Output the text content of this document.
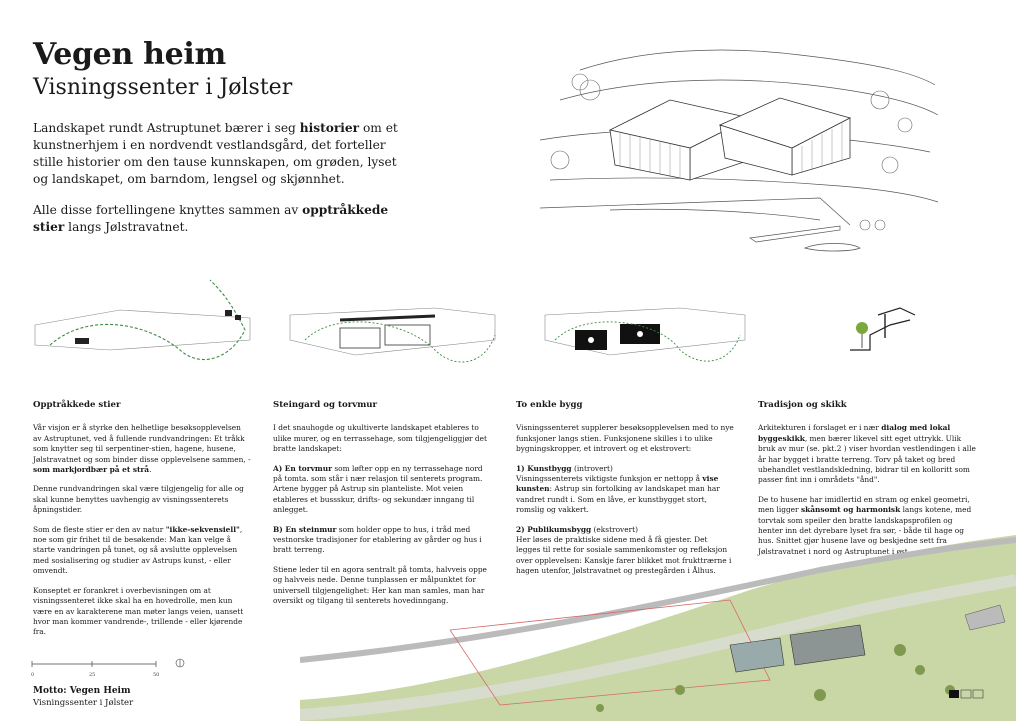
Vegen heim
Visningssenter i Jølster
Landskapet rundt Astruptunet bærer i seg historier om et kunstnerhjem i en nordvendt vestlandsgård, det forteller stille historier om den tause kunnskapen, om grøden, lyset og landskapet, om barndom, lengsel og skjønnhet.
Alle disse fortellingene knyttes sammen av opptråkkede stier langs Jølstravatnet.
Opptråkkede stier

Vår visjon er å styrke den helhetlige besøksopplevelsen av Astruptunet, ved å fullende rundvandringen: Et tråkk som knytter seg til serpentiner-stien, hagene, husene, Jølstravatnet og som binder disse opplevelsene sammen, - som markjordbær på et strå.

Denne rundvandringen skal være tilgjengelig for alle og skal kunne benyttes uavhengig av visningssenterets åpningstider.

Som de fleste stier er den av natur "ikke-sekvensiell", noe som gir frihet til de besøkende: Man kan velge å starte vandringen på tunet, og så avslutte opplevelsen med sosialisering og studier av Astrups kunst, - eller omvendt.

Konseptet er forankret i overbevisningen om at visningssenteret ikke skal ha en hovedrolle, men kun være en av karakterene man møter langs veien, uansett hvor man kommer vandrende-, trillende - eller kjørende fra.

Steingard og torvmur

I det snauhogde og ukultiverte landskapet etableres to ulike murer, og en terrassehage, som tilgjengeliggjør det bratte landskapet:

A) En torvmur som løfter opp en ny terrassehage nord på tomta. som står i nær relasjon til senterets program. Artene bygger på Astrup sin planteliste. Mot veien etableres et bussskur, drifts- og sekundær inngang til anlegget.

B) En steinmur som holder oppe to hus, i tråd med vestnorske tradisjoner for etablering av gårder og hus i bratt terreng.

Stiene leder til en agora sentralt på tomta, halvveis oppe og halvveis nede. Denne tunplassen er målpunktet for universell tilgjengelighet: Her kan man samles, man har oversikt og tilgang til senterets hovedinngang.

To enkle bygg

Visningssenteret supplerer besøksopplevelsen med to nye funksjoner langs stien. Funksjonene skilles i to ulike bygningskropper, et introvert og et ekstrovert:

1) Kunstbygg (introvert)
Visningssenterets viktigste funksjon er nettopp å vise kunsten: Astrup sin fortolking av landskapet man har vandret rundt i. Som en låve, er kunstbygget stort, romslig og vakkert.

2) Publikumsbygg (ekstrovert)
Her løses de praktiske sidene med å få gjester. Det legges til rette for sosiale sammenkomster og refleksjon over opplevelsen: Kanskje farer blikket mot frukttrærne i hagen utenfor, Jølstravatnet og prestegården i Ålhus.

Tradisjon og skikk

Arkitekturen i forslaget er i nær dialog med lokal byggeskikk, men bærer likevel sitt eget uttrykk. Ulik bruk av mur (se. pkt.2 ) viser hvordan vestlendingen i alle år har bygget i bratte terreng. Torv på taket og bred ubehandlet vestlandskledning, bidrar til en kolloritt som passer fint inn i områdets "ånd".

De to husene har imidlertid en stram og enkel geometri, men ligger skånsomt og harmonisk langs kotene, med torvtak som speiler den bratte landskapsprofilen og henter inn det dyrebare lyset fra sør, - både til hage og hus. Snittet gjør husene lave og beskjedne sett fra Jølstravatnet i nord og Astruptunet i øst.

0	25	50
Motto: Vegen Heim
Visningssenter i Jølster
